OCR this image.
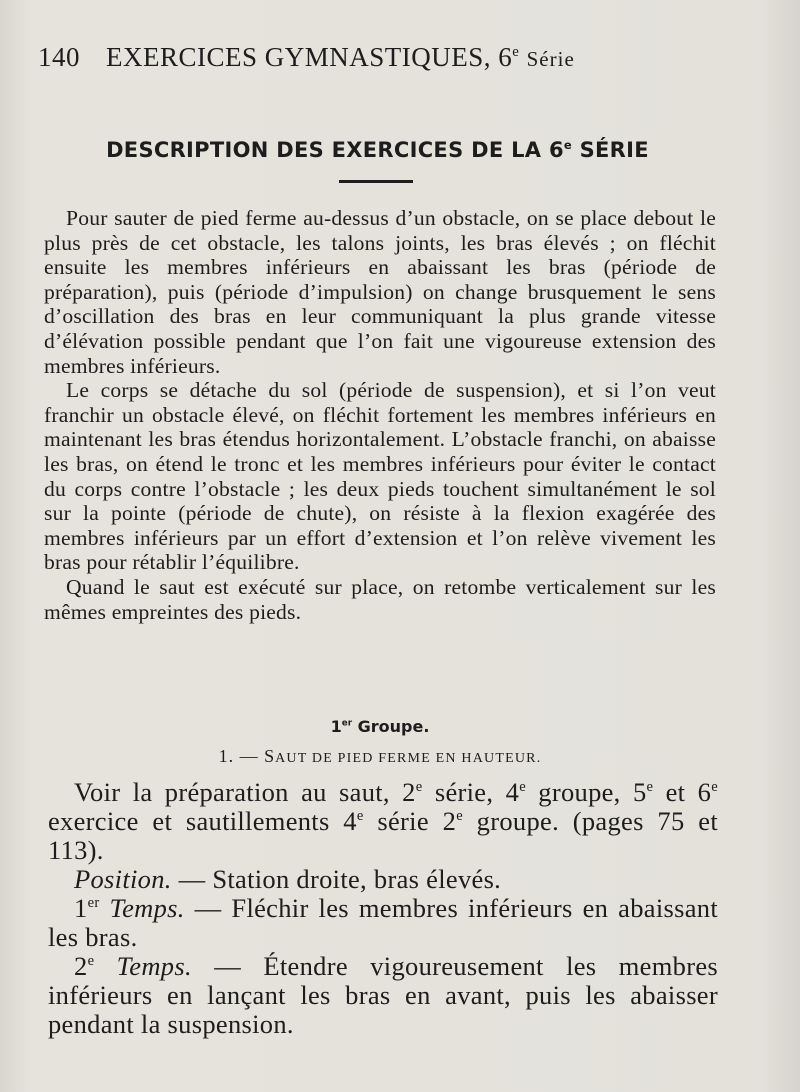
140 EXERCICES GYMNASTIQUES, 6e Série
DESCRIPTION DES EXERCICES DE LA 6e SÉRIE

Pour sauter de pied ferme au-dessus d’un obstacle, on se place debout le plus près de cet obstacle, les talons joints, les bras élevés ; on fléchit ensuite les membres inférieurs en abaissant les bras (période de préparation), puis (période d’impulsion) on change brusquement le sens d’oscillation des bras en leur communiquant la plus grande vitesse d’élévation possible pendant que l’on fait une vigoureuse extension des membres inférieurs.

Le corps se détache du sol (période de suspension), et si l’on veut franchir un obstacle élevé, on fléchit fortement les membres inférieurs en maintenant les bras étendus horizontalement. L’obstacle franchi, on abaisse les bras, on étend le tronc et les membres inférieurs pour éviter le contact du corps contre l’obstacle ; les deux pieds touchent simultanément le sol sur la pointe (période de chute), on résiste à la flexion exagérée des membres inférieurs par un effort d’extension et l’on relève vivement les bras pour rétablir l’équilibre.

Quand le saut est exécuté sur place, on retombe verticalement sur les mêmes empreintes des pieds.

1er Groupe.
1. — SAUT DE PIED FERME EN HAUTEUR.

Voir la préparation au saut, 2e série, 4e groupe, 5e et 6e exercice et sautillements 4e série 2e groupe. (pages 75 et 113).

Position. — Station droite, bras élevés.

1er Temps. — Fléchir les membres inférieurs en abaissant les bras.

2e Temps. — Étendre vigoureusement les membres inférieurs en lançant les bras en avant, puis les abaisser pendant la suspension.
